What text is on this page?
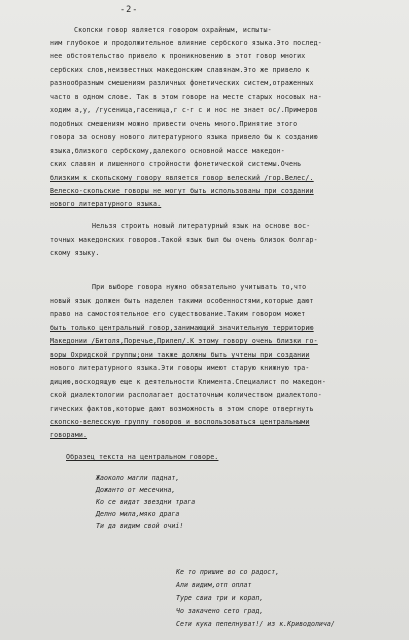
-2-
Скопски говор является говором охрайным, испыты-
ним глубокое и продолжительное влияние сербского языка.Это послед-
нее обстоятельство привело к проникновению в этот говор многих
сербских слов,неизвестных македонским славянам.Это же привело к
разнообразным смешениям различных фонетических систем,отраженных
часто в одном слове. Так в этом говоре на месте старых носовых на-
ходим а,у, /гусеница,гасеница,г с-г с и нос не знает ос/.Примеров
подобных смешениям можно привести очень много.Принятие этого
говора за основу нового литературного языка привело бы к созданию
языка,близкого сербскому,далекого основной массе македон-
ских славян и лишенного стройности фонетической системы.Очень
близким к скопьскому говору является говор велеский /гор.Велес/.
Велеско-скопьские говоры не могут быть использованы при создании
нового литературного языка.
Нельзя строить новый литературный язык на основе вос-
точных македонских говоров.Такой язык был бы очень близок болгар-
скому языку.
При выборе говора нужно обязательно учитывать то,что
новый язык должен быть наделен такими особенностями,которые дают
право на самостоятельное его существование.Таким говором может
быть только центральный говор,занимающий значительную территорию
Македонии /Битоля,Поречье,Прилеп/.К этому говору очень близки го-
воры Охридской группы;они также должны быть учтены при создании
нового литературного языка.Эти говоры имеют старую книжную тра-
дицию,восходящую еще к деятельности Климента.Специалист по македон-
ской диалектологии располагает достаточным количеством диалектоло-
гических фактов,которые дают возможность в этом споре отвергнуть
скопско-велесскую группу говоров и воспользоваться центральными
говорами.
Образец текста на центральном говоре.
Жаоколо магли паднат,
Дожанто от месечина,
Ко се видат звездни трага
Делно мила,мяко драга
Ти да видим свой очиі!
Ке то пришие во со радост,
Али видим,отп оплат
Туре свиа три и корап,
Чо закачено сето град,
Сети кука пепелнуват!/ из к.Криводолича/
